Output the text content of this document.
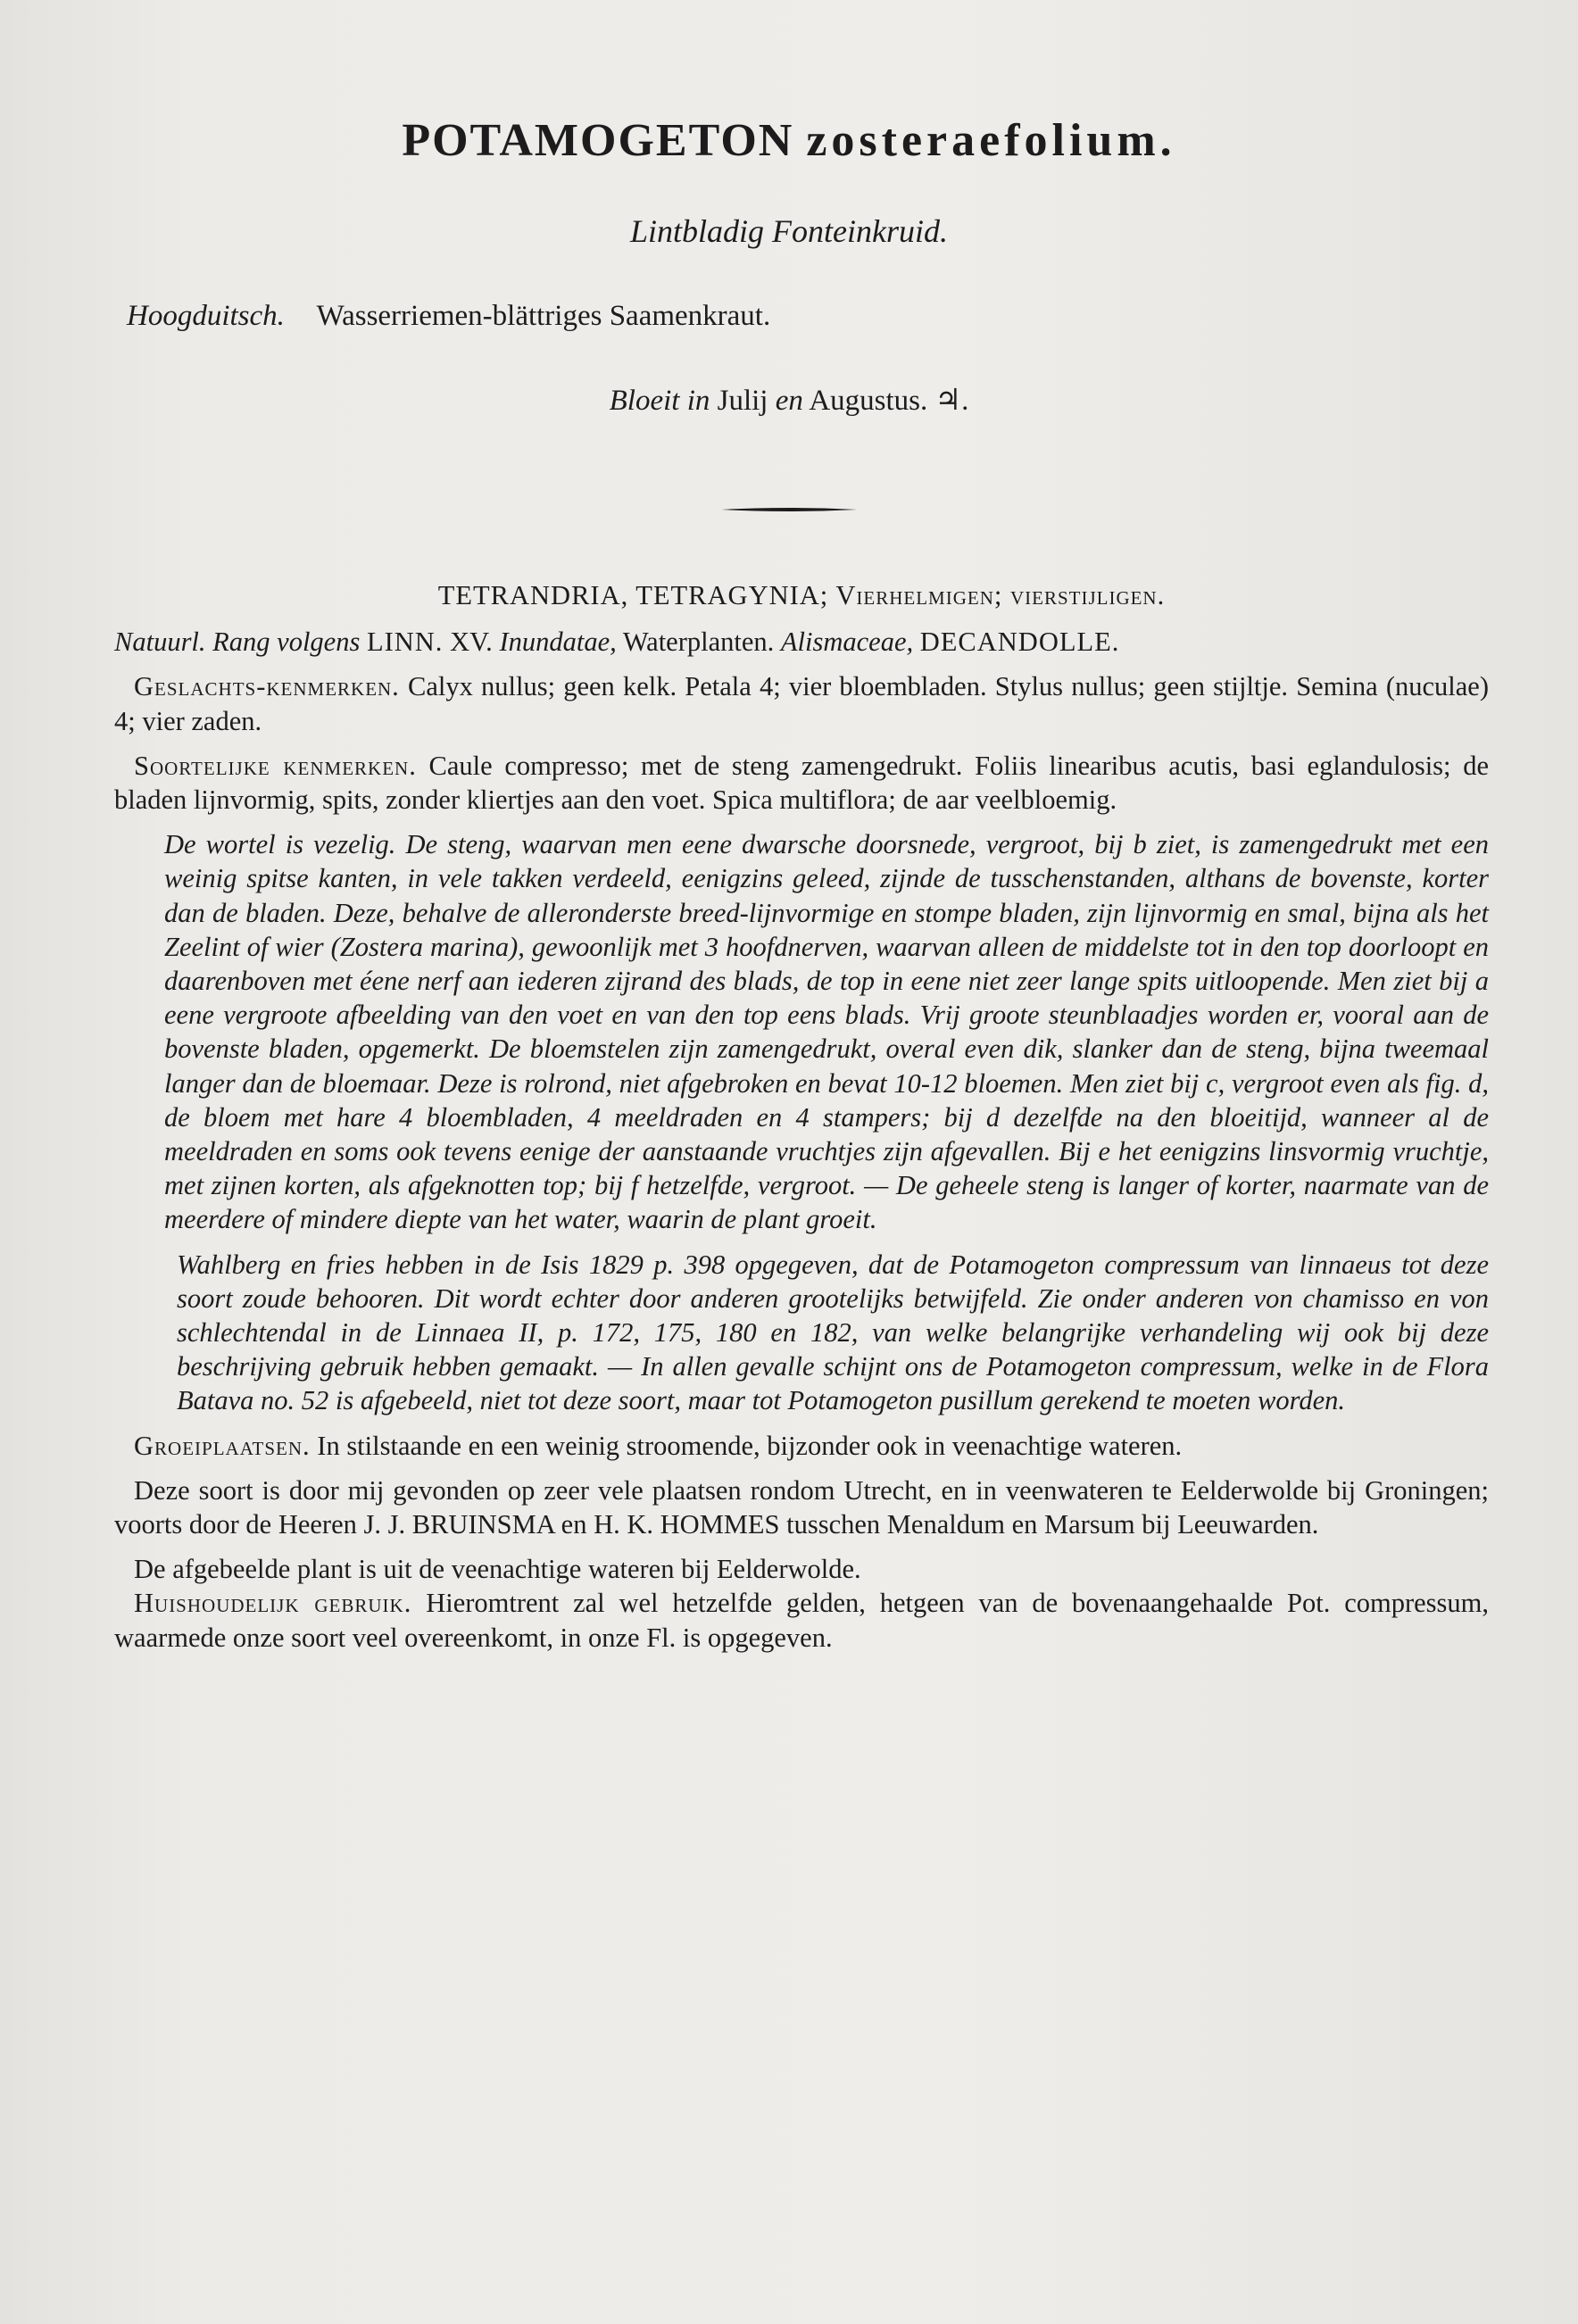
POTAMOGETON zosteraefolium.
Lintbladig Fonteinkruid.
Hoogduitsch. Wasserriemen-blättriges Saamenkraut.
Bloeit in Julij en Augustus. ♃.

TETRANDRIA, TETRAGYNIA; Vierhelmigen; vierstijligen.

Natuurl. Rang volgens LINN. XV. Inundatae, Waterplanten. Alismaceae, DECANDOLLE.

Geslachts-kenmerken. Calyx nullus; geen kelk. Petala 4; vier bloembladen. Stylus nullus; geen stijltje. Semina (nuculae) 4; vier zaden.

Soortelijke kenmerken. Caule compresso; met de steng zamengedrukt. Foliis linearibus acutis, basi eglandulosis; de bladen lijnvormig, spits, zonder kliertjes aan den voet. Spica multiflora; de aar veelbloemig.

De wortel is vezelig. De steng, waarvan men eene dwarsche doorsnede, vergroot, bij b ziet, is zamengedrukt met een weinig spitse kanten, in vele takken verdeeld, eenigzins geleed, zijnde de tusschenstanden, althans de bovenste, korter dan de bladen. Deze, behalve de alleronderste breed-lijnvormige en stompe bladen, zijn lijnvormig en smal, bijna als het Zeelint of wier (Zostera marina), gewoonlijk met 3 hoofdnerven, waarvan alleen de middelste tot in den top doorloopt en daarenboven met éene nerf aan iederen zijrand des blads, de top in eene niet zeer lange spits uitloopende. Men ziet bij a eene vergroote afbeelding van den voet en van den top eens blads. Vrij groote steunblaadjes worden er, vooral aan de bovenste bladen, opgemerkt. De bloemstelen zijn zamengedrukt, overal even dik, slanker dan de steng, bijna tweemaal langer dan de bloemaar. Deze is rolrond, niet afgebroken en bevat 10-12 bloemen. Men ziet bij c, vergroot even als fig. d, de bloem met hare 4 bloembladen, 4 meeldraden en 4 stampers; bij d dezelfde na den bloeitijd, wanneer al de meeldraden en soms ook tevens eenige der aanstaande vruchtjes zijn afgevallen. Bij e het eenigzins linsvormig vruchtje, met zijnen korten, als afgeknotten top; bij f hetzelfde, vergroot. — De geheele steng is langer of korter, naarmate van de meerdere of mindere diepte van het water, waarin de plant groeit.

Wahlberg en fries hebben in de Isis 1829 p. 398 opgegeven, dat de Potamogeton compressum van linnaeus tot deze soort zoude behooren. Dit wordt echter door anderen grootelijks betwijfeld. Zie onder anderen von chamisso en von schlechtendal in de Linnaea II, p. 172, 175, 180 en 182, van welke belangrijke verhandeling wij ook bij deze beschrijving gebruik hebben gemaakt. — In allen gevalle schijnt ons de Potamogeton compressum, welke in de Flora Batava no. 52 is afgebeeld, niet tot deze soort, maar tot Potamogeton pusillum gerekend te moeten worden.

Groeiplaatsen. In stilstaande en een weinig stroomende, bijzonder ook in veenachtige wateren.

Deze soort is door mij gevonden op zeer vele plaatsen rondom Utrecht, en in veenwateren te Eelderwolde bij Groningen; voorts door de Heeren J. J. BRUINSMA en H. K. HOMMES tusschen Menaldum en Marsum bij Leeuwarden.

De afgebeelde plant is uit de veenachtige wateren bij Eelderwolde.

Huishoudelijk gebruik. Hieromtrent zal wel hetzelfde gelden, hetgeen van de bovenaangehaalde Pot. compressum, waarmede onze soort veel overeenkomt, in onze Fl. is opgegeven.
